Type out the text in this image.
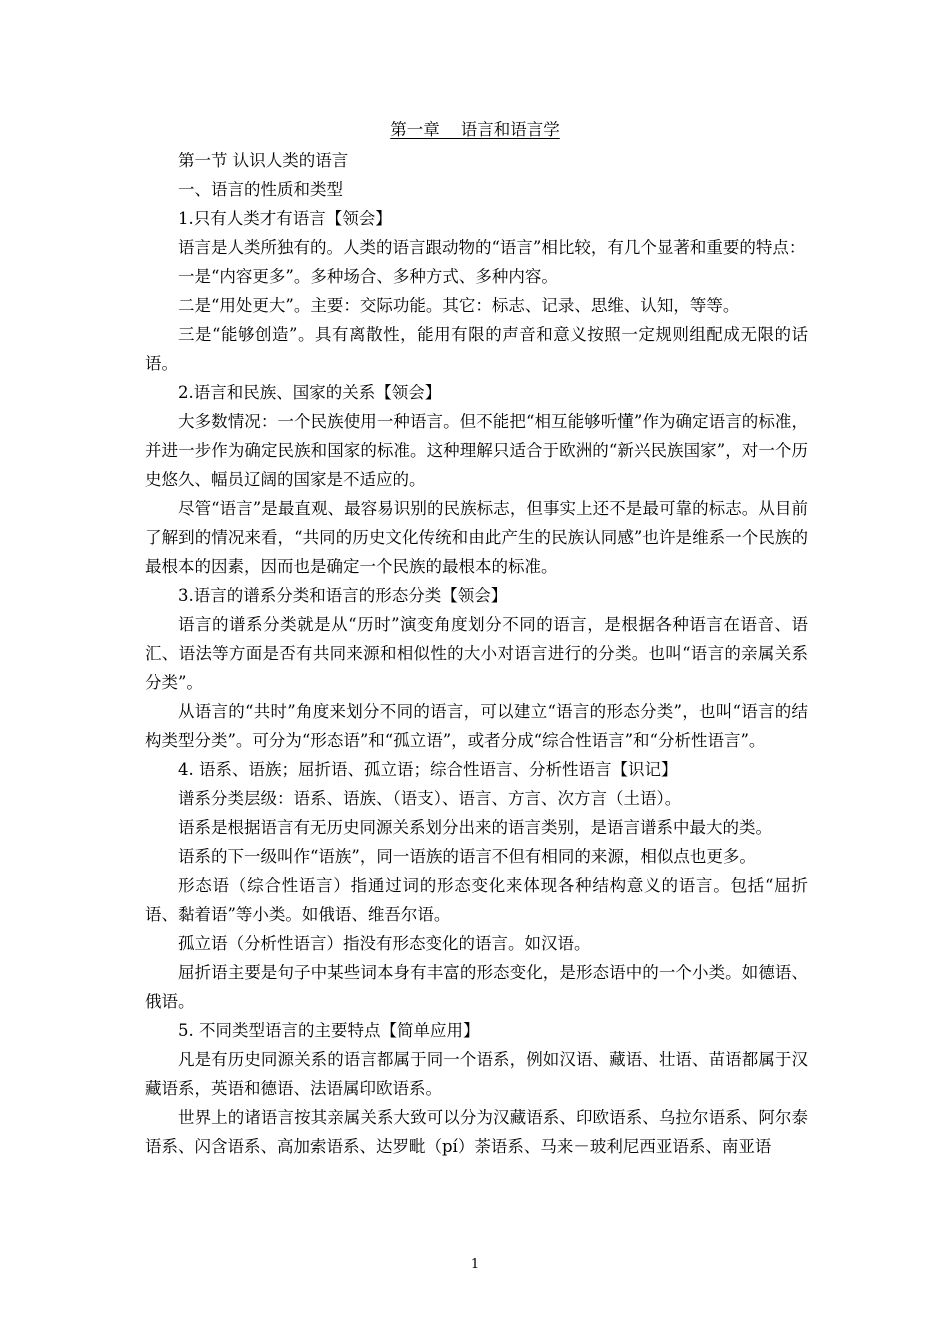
第一章    语言和语言学

第一节 认识人类的语言

一、语言的性质和类型

1.只有人类才有语言【领会】

语言是人类所独有的。人类的语言跟动物的“语言”相比较，有几个显著和重要的特点：

一是“内容更多”。多种场合、多种方式、多种内容。

二是“用处更大”。主要：交际功能。其它：标志、记录、思维、认知，等等。

三是“能够创造”。具有离散性，能用有限的声音和意义按照一定规则组配成无限的话语。

2.语言和民族、国家的关系【领会】

大多数情况：一个民族使用一种语言。但不能把“相互能够听懂”作为确定语言的标准，并进一步作为确定民族和国家的标准。这种理解只适合于欧洲的“新兴民族国家”，对一个历史悠久、幅员辽阔的国家是不适应的。

尽管“语言”是最直观、最容易识别的民族标志，但事实上还不是最可靠的标志。从目前了解到的情况来看，“共同的历史文化传统和由此产生的民族认同感”也许是维系一个民族的最根本的因素，因而也是确定一个民族的最根本的标准。

3.语言的谱系分类和语言的形态分类【领会】

语言的谱系分类就是从“历时”演变角度划分不同的语言，是根据各种语言在语音、语汇、语法等方面是否有共同来源和相似性的大小对语言进行的分类。也叫“语言的亲属关系分类”。

从语言的“共时”角度来划分不同的语言，可以建立“语言的形态分类”，也叫“语言的结构类型分类”。可分为“形态语”和“孤立语”，或者分成“综合性语言”和“分析性语言”。

4. 语系、语族；屈折语、孤立语；综合性语言、分析性语言【识记】

谱系分类层级：语系、语族、（语支）、语言、方言、次方言（土语）。

语系是根据语言有无历史同源关系划分出来的语言类别，是语言谱系中最大的类。

语系的下一级叫作“语族”，同一语族的语言不但有相同的来源，相似点也更多。

形态语（综合性语言）指通过词的形态变化来体现各种结构意义的语言。包括“屈折语、黏着语”等小类。如俄语、维吾尔语。

孤立语（分析性语言）指没有形态变化的语言。如汉语。

屈折语主要是句子中某些词本身有丰富的形态变化，是形态语中的一个小类。如德语、俄语。

5. 不同类型语言的主要特点【简单应用】

凡是有历史同源关系的语言都属于同一个语系，例如汉语、藏语、壮语、苗语都属于汉藏语系，英语和德语、法语属印欧语系。

世界上的诸语言按其亲属关系大致可以分为汉藏语系、印欧语系、乌拉尔语系、阿尔泰语系、闪含语系、高加索语系、达罗毗（pí）荼语系、马来－玻利尼西亚语系、南亚语

1
